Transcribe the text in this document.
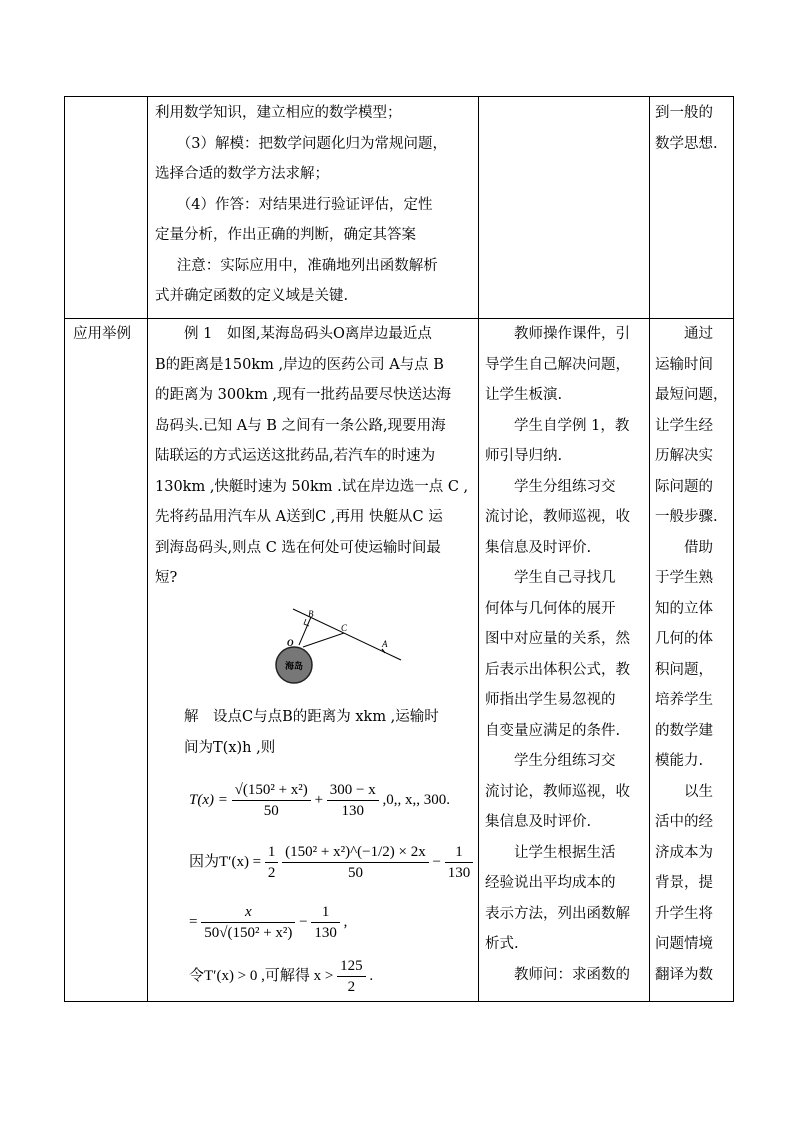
利用数学知识，建立相应的数学模型；

（3）解模：把数学问题化归为常规问题，

选择合适的数学方法求解；

（4）作答：对结果进行验证评估，定性

定量分析，作出正确的判断，确定其答案

注意：实际应用中，准确地列出函数解析

式并确定函数的定义域是关键.

到一般的

数学思想.

应用举例	例 1　如图,某海岛码头O离岸边最近点

B的距离是150km ,岸边的医药公司 A与点 B

的距离为 300km ,现有一批药品要尽快送达海

岛码头.已知 A与 B 之间有一条公路,现要用海

陆联运的方式运送这批药品,若汽车的时速为

130km ,快艇时速为 50km .试在岸边选一点 C ,

先将药品用汽车从 A送到C ,再用 快艇从C 运

到海岛码头,则点 C 选在何处可使运输时间最

短?

解　设点C与点B的距离为 xkm ,运输时

间为T(x)h ,则

$T(x) = \frac{\text{√(150² + x²)}}{50} + \frac{300 - x}{130} ,0$,, x,, 300.
因为$T'(x) = \frac{1}{2}$
$\frac{\text{(150² + x²)\textasciicircum{}(−1/2) × 2x}}{50} - \frac{1}{130}$
= $\frac{x}{\text{50√(150² + x²)}} - \frac{1}{130}$ ,
令T′(x) > 0 ,可解得 $x > \frac{125}{2}$ .

教师操作课件，引

导学生自己解决问题，

让学生板演.

学生自学例 1，教

师引导归纳.

学生分组练习交

流讨论，教师巡视，收

集信息及时评价.

学生自己寻找几

何体与几何体的展开

图中对应量的关系，然

后表示出体积公式，教

师指出学生易忽视的

自变量应满足的条件.

学生分组练习交

流讨论，教师巡视，收

集信息及时评价.

让学生根据生活

经验说出平均成本的

表示方法，列出函数解

析式.

教师问：求函数的

通过

运输时间

最短问题，

让学生经

历解决实

际问题的

一般步骤.

借助

于学生熟

知的立体

几何的体

积问题，

培养学生

的数学建

模能力.

以生

活中的经

济成本为

背景，提

升学生将

问题情境

翻译为数

B
C
O	A
海岛
